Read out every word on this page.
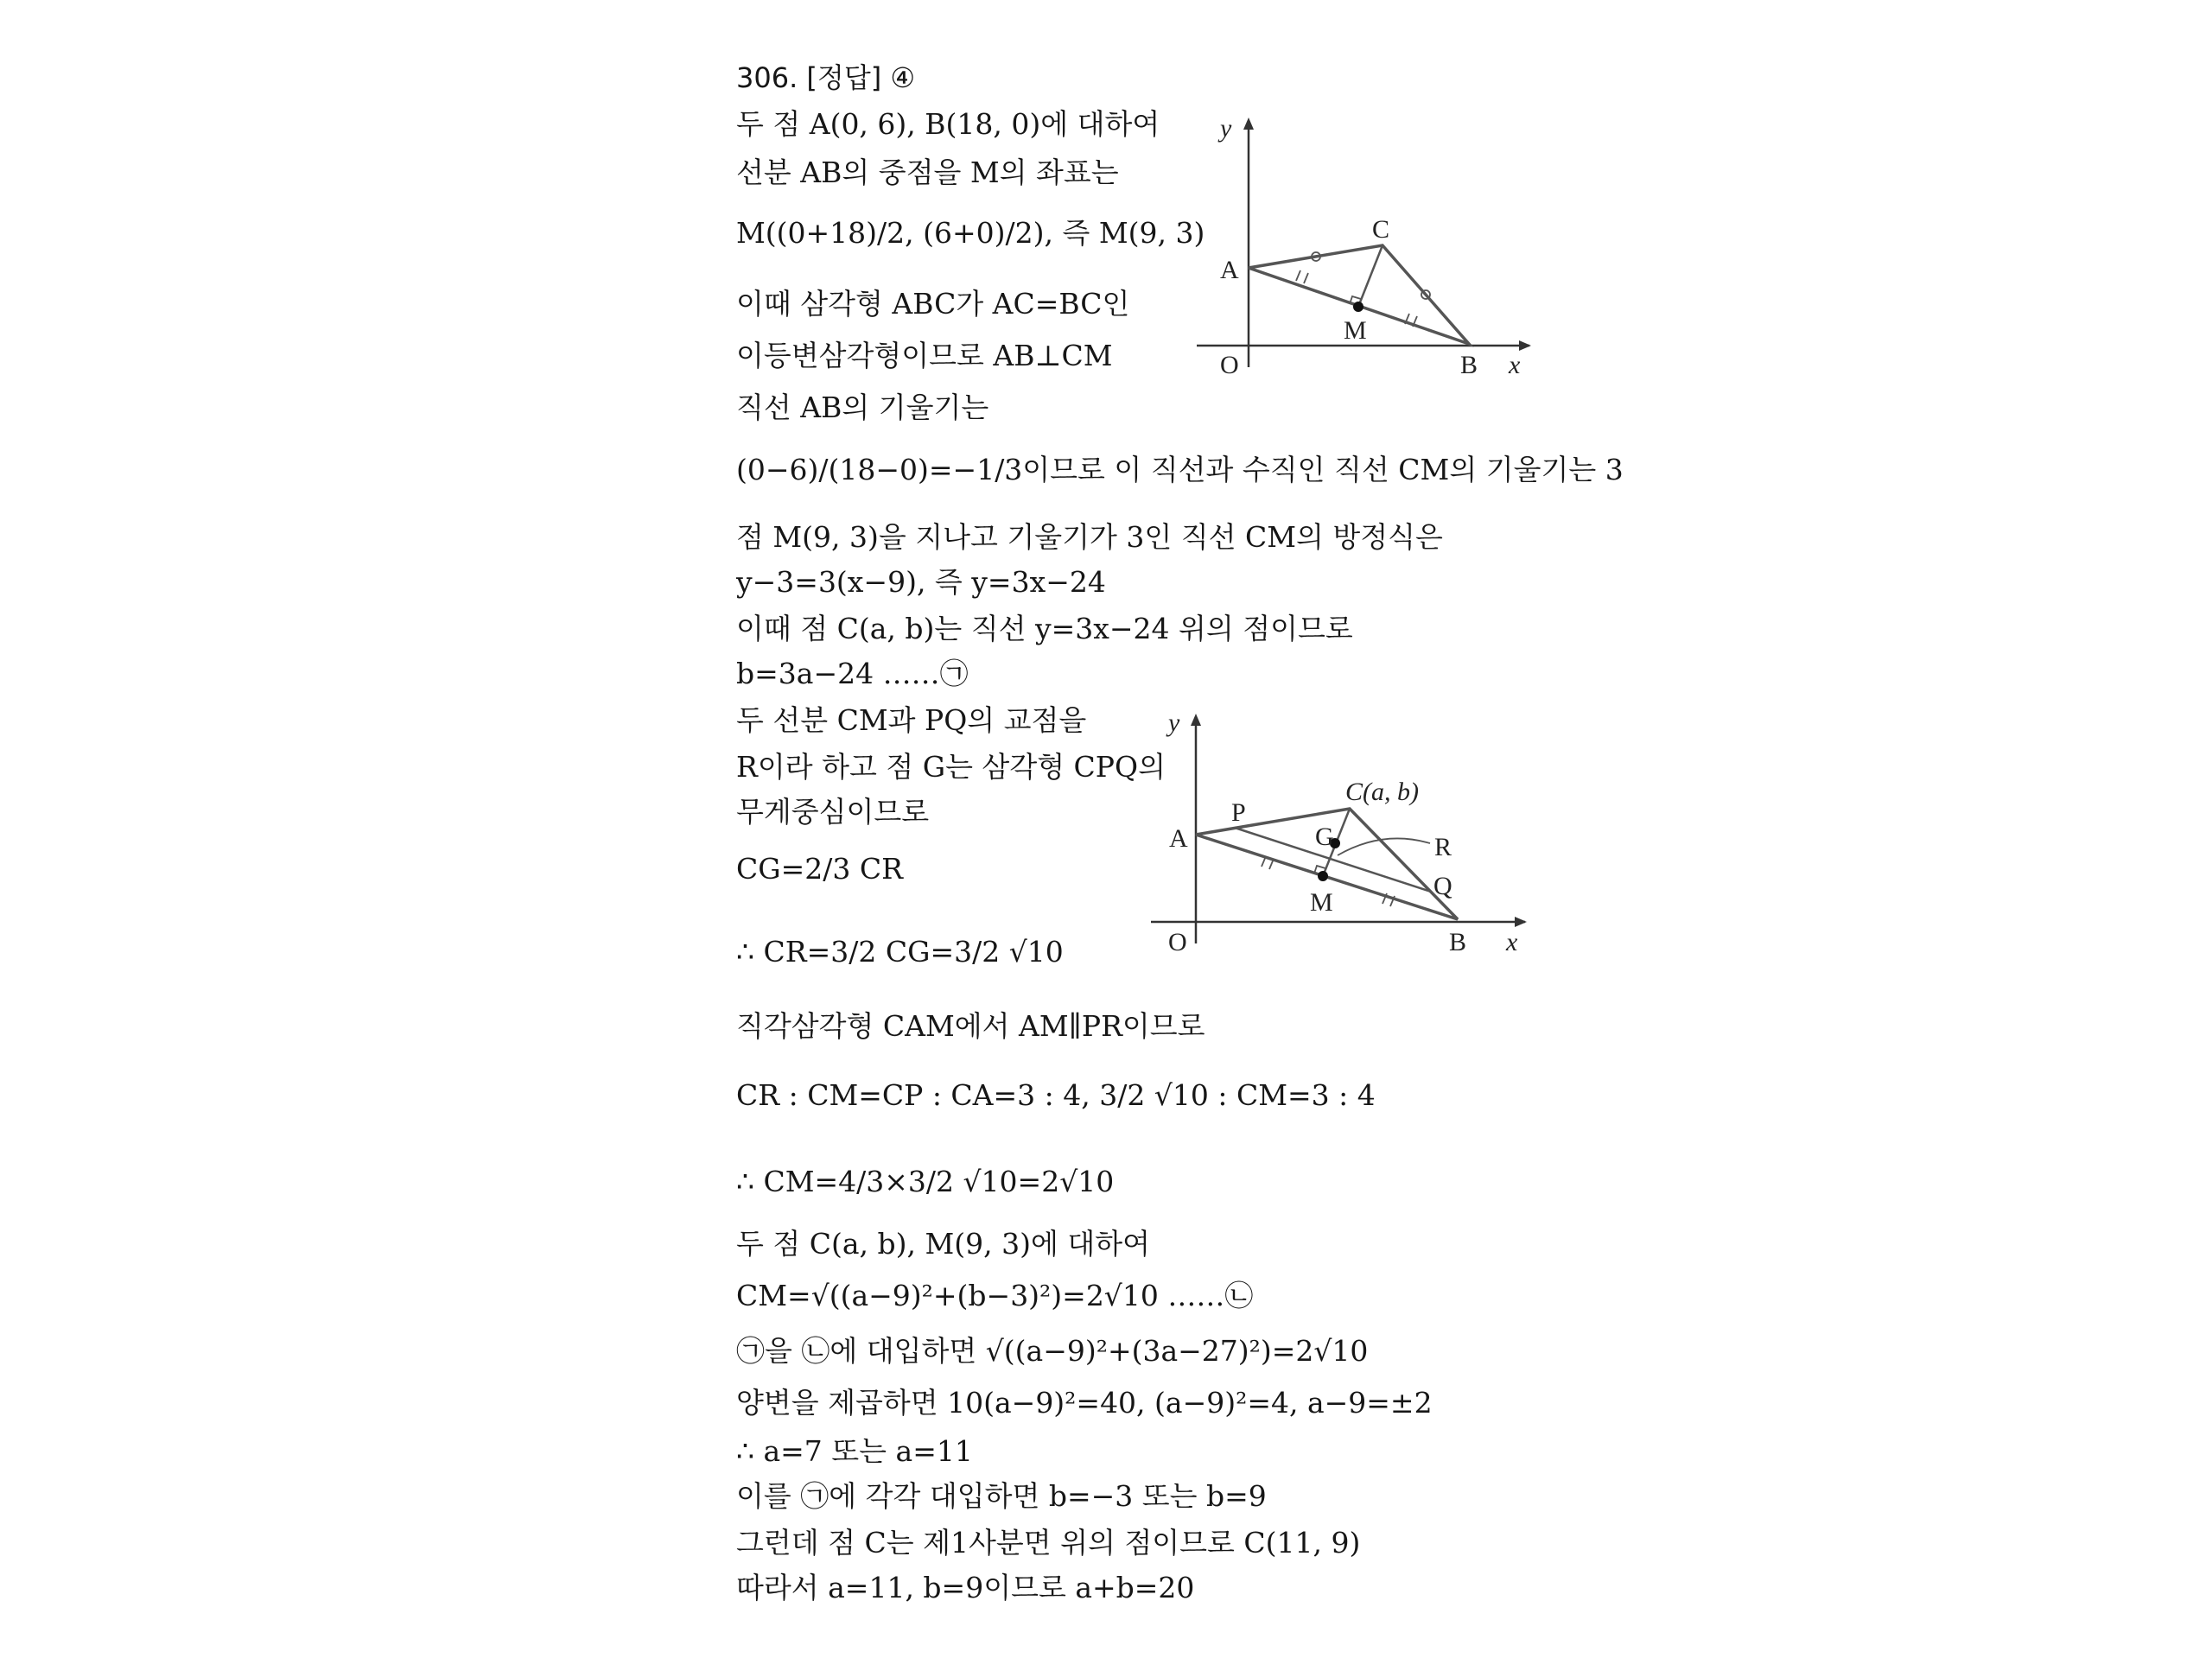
306. [정답] ④
두 점 A(0, 6), B(18, 0)에 대하여
선분 AB의 중점을 M의 좌표는
M((0+18)/2, (6+0)/2), 즉 M(9, 3)
이때 삼각형 ABC가 AC=BC인
이등변삼각형이므로 AB⊥CM
직선 AB의 기울기는
(0−6)/(18−0)=−1/3이므로 이 직선과 수직인 직선 CM의 기울기는 3
점 M(9, 3)을 지나고 기울기가 3인 직선 CM의 방정식은
y−3=3(x−9), 즉 y=3x−24
이때 점 C(a, b)는 직선 y=3x−24 위의 점이므로
b=3a−24 ……㉠
두 선분 CM과 PQ의 교점을
R이라 하고 점 G는 삼각형 CPQ의
무게중심이므로
CG=2/3 CR
∴ CR=3/2 CG=3/2 √10
직각삼각형 CAM에서 AM∥PR이므로
CR : CM=CP : CA=3 : 4, 3/2 √10 : CM=3 : 4
∴ CM=4/3×3/2 √10=2√10
두 점 C(a, b), M(9, 3)에 대하여
CM=√((a−9)²+(b−3)²)=2√10 ……㉡
㉠을 ㉡에 대입하면 √((a−9)²+(3a−27)²)=2√10
양변을 제곱하면 10(a−9)²=40, (a−9)²=4, a−9=±2
∴ a=7 또는 a=11
이를 ㉠에 각각 대입하면 b=−3 또는 b=9
그런데 점 C는 제1사분면 위의 점이므로 C(11, 9)
따라서 a=11, b=9이므로 a+b=20
y
x
O
A
B
C
M
y
x
O
A
B
C(a, b)
P
G
M
R
Q
